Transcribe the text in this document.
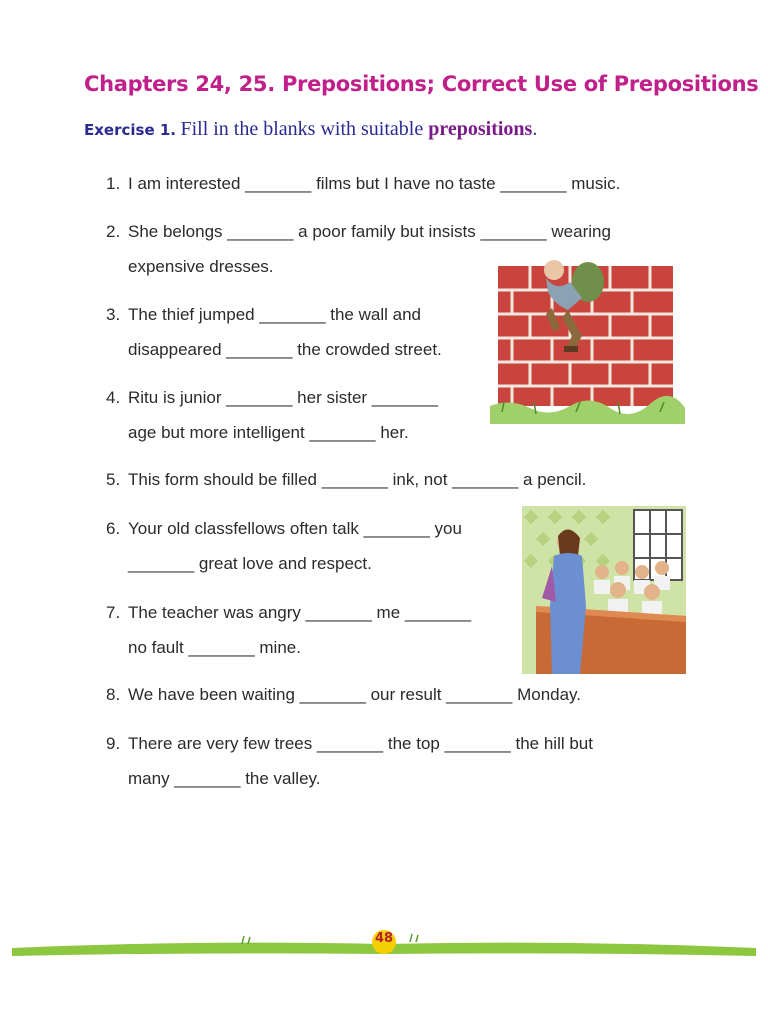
Chapters 24, 25. Prepositions; Correct Use of Prepositions
Exercise 1. Fill in the blanks with suitable prepositions.
1. I am interested _______ films but I have no taste _______ music.
2. She belongs _______ a poor family but insists _______ wearing
expensive dresses.
3. The thief jumped _______ the wall and
disappeared _______ the crowded street.
4. Ritu is junior _______ her sister _______
age but more intelligent _______ her.
5. This form should be filled _______ ink, not _______ a pencil.
6. Your old classfellows often talk _______ you
_______ great love and respect.
7. The teacher was angry _______ me _______
no fault _______ mine.
8. We have been waiting _______ our result _______ Monday.
9. There are very few trees _______ the top _______ the hill but
many _______ the valley.
48
